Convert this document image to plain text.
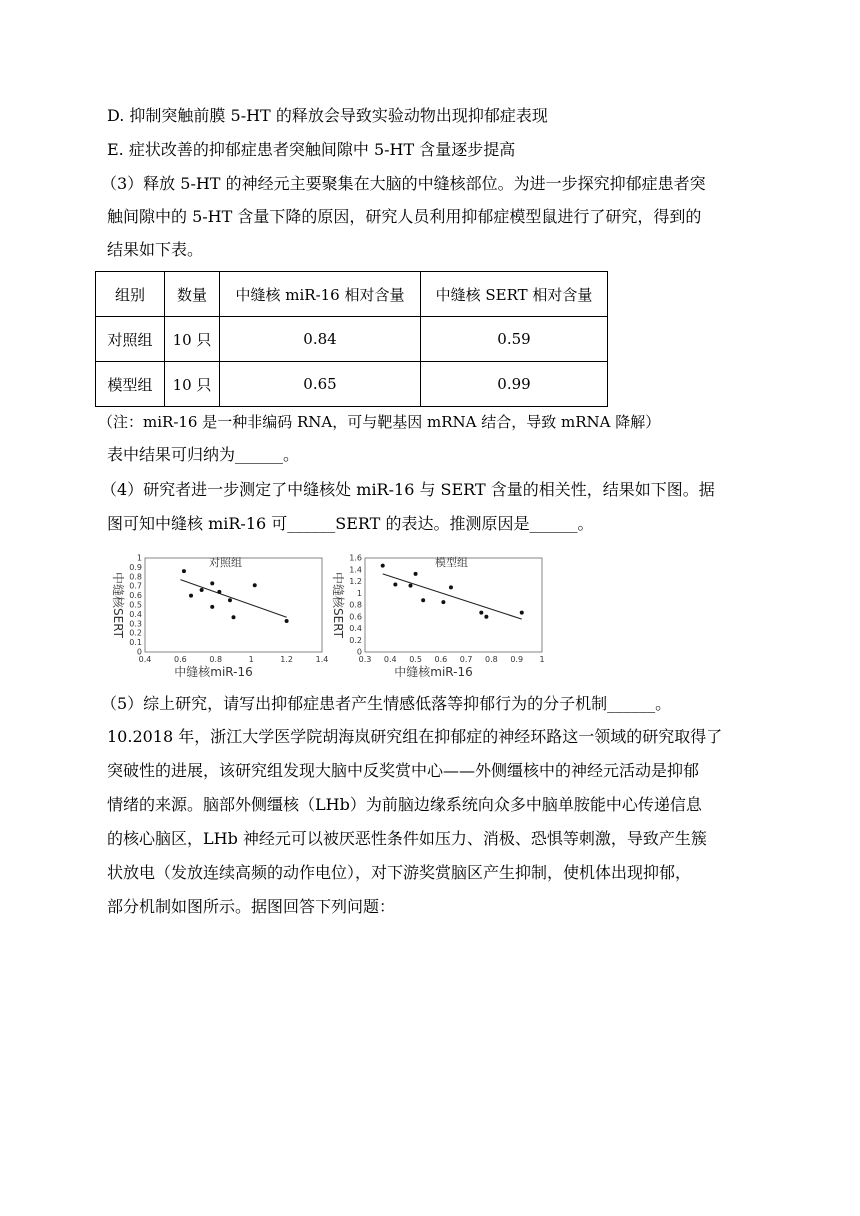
D. 抑制突触前膜 5-HT 的释放会导致实验动物出现抑郁症表现
E. 症状改善的抑郁症患者突触间隙中 5-HT 含量逐步提高
（3）释放 5-HT 的神经元主要聚集在大脑的中缝核部位。为进一步探究抑郁症患者突
触间隙中的 5-HT 含量下降的原因，研究人员利用抑郁症模型鼠进行了研究，得到的
结果如下表。
组别	数量	中缝核 miR-16 相对含量	中缝核 SERT 相对含量
对照组	10 只	0.84	0.59
模型组	10 只	0.65	0.99
（注：miR-16 是一种非编码 RNA，可与靶基因 mRNA 结合，导致 mRNA 降解）
表中结果可归纳为______。
（4）研究者进一步测定了中缝核处 miR-16 与 SERT 含量的相关性，结果如下图。据
图可知中缝核 miR-16 可______SERT 的表达。推测原因是______。
0
0.1
0.2
0.3
0.4
0.5
0.6
0.7
0.8
0.9
1
0.4	0.6	0.8	1	1.2	1.4
对照组
中缝核miR-16
中缝核SERT
0
0.2
0.4
0.6
0.8
1
1.2
1.4
1.6
0.3 0.4 0.5 0.6 0.7 0.8 0.9 1
模型组
中缝核miR-16
中缝核SERT
（5）综上研究，请写出抑郁症患者产生情感低落等抑郁行为的分子机制______。
10.2018 年，浙江大学医学院胡海岚研究组在抑郁症的神经环路这一领域的研究取得了
突破性的进展，该研究组发现大脑中反奖赏中心——外侧缰核中的神经元活动是抑郁
情绪的来源。脑部外侧缰核（LHb）为前脑边缘系统向众多中脑单胺能中心传递信息
的核心脑区，LHb 神经元可以被厌恶性条件如压力、消极、恐惧等刺激，导致产生簇
状放电（发放连续高频的动作电位），对下游奖赏脑区产生抑制，使机体出现抑郁，
部分机制如图所示。据图回答下列问题：
